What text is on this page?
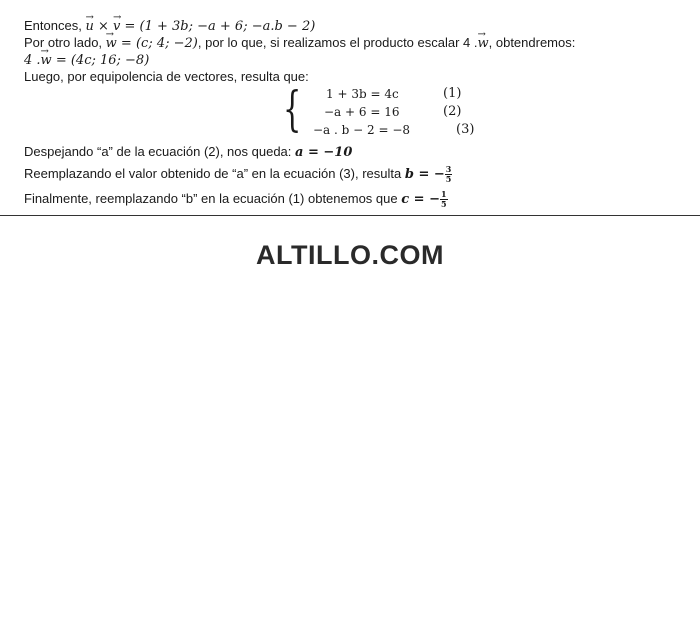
Entonces, → u × → v = (1 + 3b; −a + 6; −a.b − 2)
Por otro lado, → w = (c; 4; −2), por lo que, si realizamos el producto escalar 4 .→ w, obtendremos:
4 .→ w = (4c; 16; −8)
Luego, por equipolencia de vectores, resulta que:
Despejando “a” de la ecuación (2), nos queda: a = −10
Reemplazando el valor obtenido de “a” en la ecuación (3), resulta b = − $\frac{3}{5}$
Finalmente, reemplazando “b” en la ecuación (1) obtenemos que c = − $\frac{1}{5}$
{ 1 + 3b = 4c
−a + 6 = 16
−a . b − 2 = −8
(1)
(2)
(3)
ALTILLO.COM
